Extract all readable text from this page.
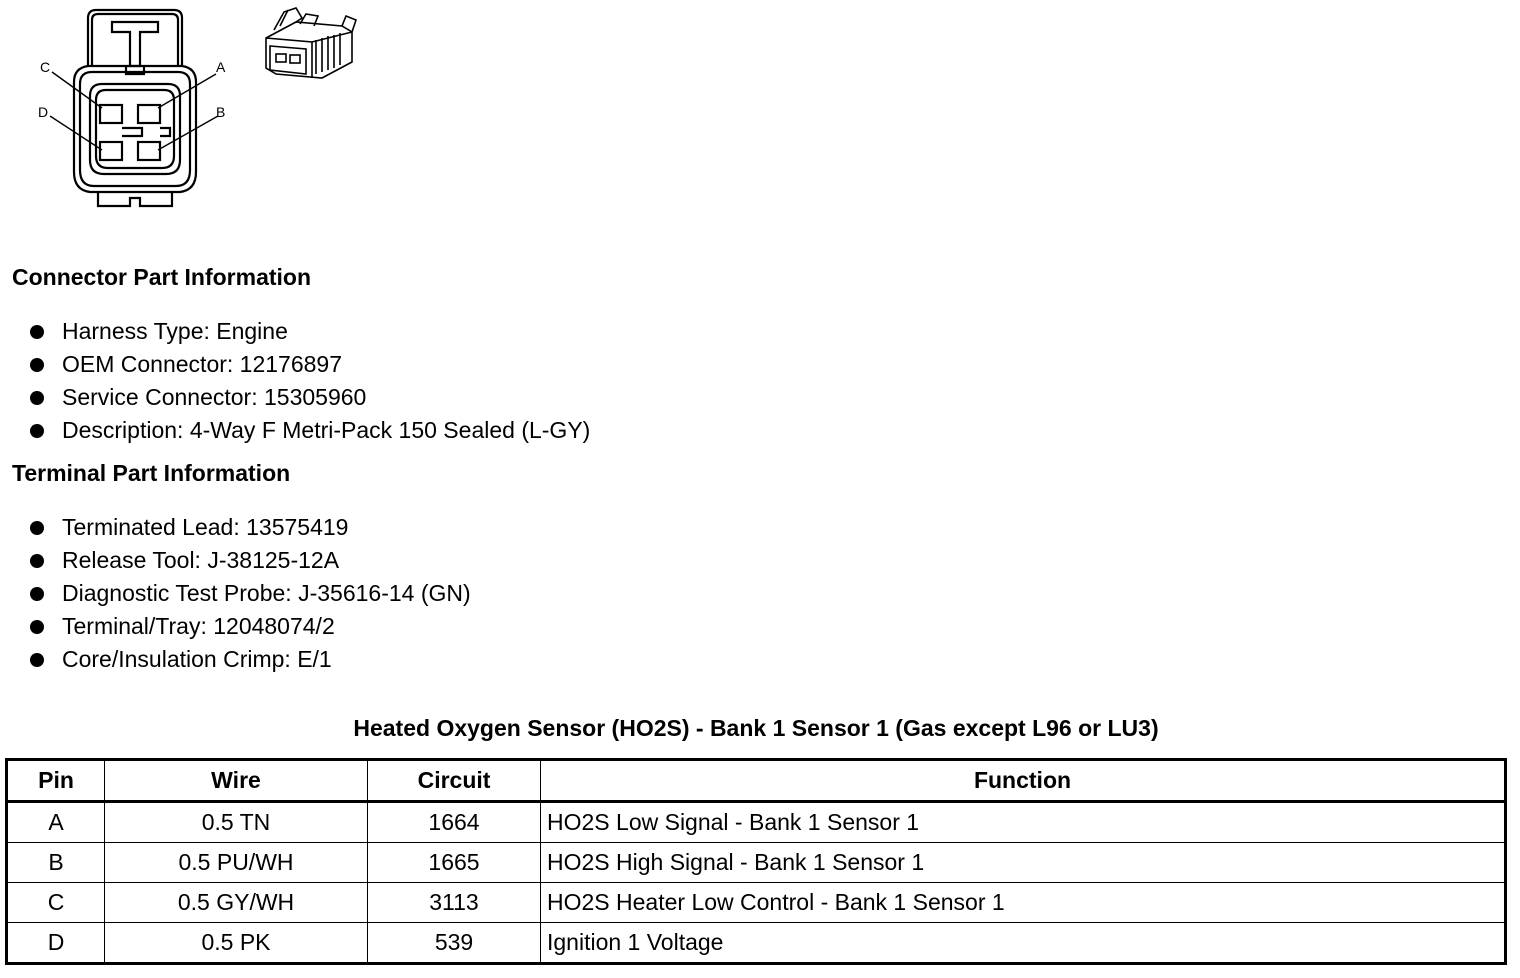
C	A
D	B
Connector Part Information
Harness Type: Engine
OEM Connector: 12176897
Service Connector: 15305960
Description: 4-Way F Metri-Pack 150 Sealed (L-GY)
Terminal Part Information
Terminated Lead: 13575419
Release Tool: J-38125-12A
Diagnostic Test Probe: J-35616-14 (GN)
Terminal/Tray: 12048074/2
Core/Insulation Crimp: E/1
Heated Oxygen Sensor (HO2S) - Bank 1 Sensor 1 (Gas except L96 or LU3)
Pin	Wire	Circuit	Function
A	0.5 TN	1664	HO2S Low Signal - Bank 1 Sensor 1
B	0.5 PU/WH	1665	HO2S High Signal - Bank 1 Sensor 1
C	0.5 GY/WH	3113	HO2S Heater Low Control - Bank 1 Sensor 1
D	0.5 PK	539	Ignition 1 Voltage
